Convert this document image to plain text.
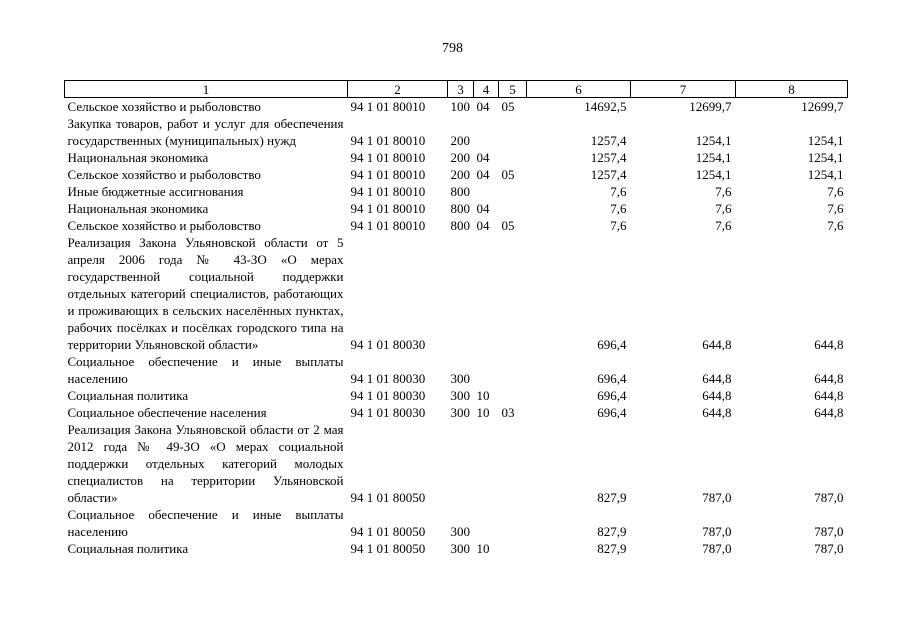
798
1	2	3	4	5	6	7	8
Сельское хозяйство и рыболовство	94 1 01 80010	100	04	05	14692,5	12699,7	12699,7
Закупка товаров, работ и услуг для обеспечения государственных (муниципальных) нужд	94 1 01 80010	200			1257,4	1254,1	1254,1
Национальная экономика	94 1 01 80010	200	04		1257,4	1254,1	1254,1
Сельское хозяйство и рыболовство	94 1 01 80010	200	04	05	1257,4	1254,1	1254,1
Иные бюджетные ассигнования	94 1 01 80010	800			7,6	7,6	7,6
Национальная экономика	94 1 01 80010	800	04		7,6	7,6	7,6
Сельское хозяйство и рыболовство	94 1 01 80010	800	04	05	7,6	7,6	7,6
Реализация Закона Ульяновской области от 5 апреля 2006 года № 43-ЗО «О мерах государственной социальной поддержки отдельных категорий специалистов, работающих и проживающих в сельских населённых пунктах, рабочих посёлках и посёлках городского типа на территории Ульяновской области»	94 1 01 80030				696,4	644,8	644,8
Социальное обеспечение и иные выплаты населению	94 1 01 80030	300			696,4	644,8	644,8
Социальная политика	94 1 01 80030	300	10		696,4	644,8	644,8
Социальное обеспечение населения	94 1 01 80030	300	10	03	696,4	644,8	644,8
Реализация Закона Ульяновской области от 2 мая 2012 года № 49-ЗО «О мерах социальной поддержки отдельных категорий молодых специалистов на территории Ульяновской области»	94 1 01 80050				827,9	787,0	787,0
Социальное обеспечение и иные выплаты населению	94 1 01 80050	300			827,9	787,0	787,0
Социальная политика	94 1 01 80050	300	10		827,9	787,0	787,0
